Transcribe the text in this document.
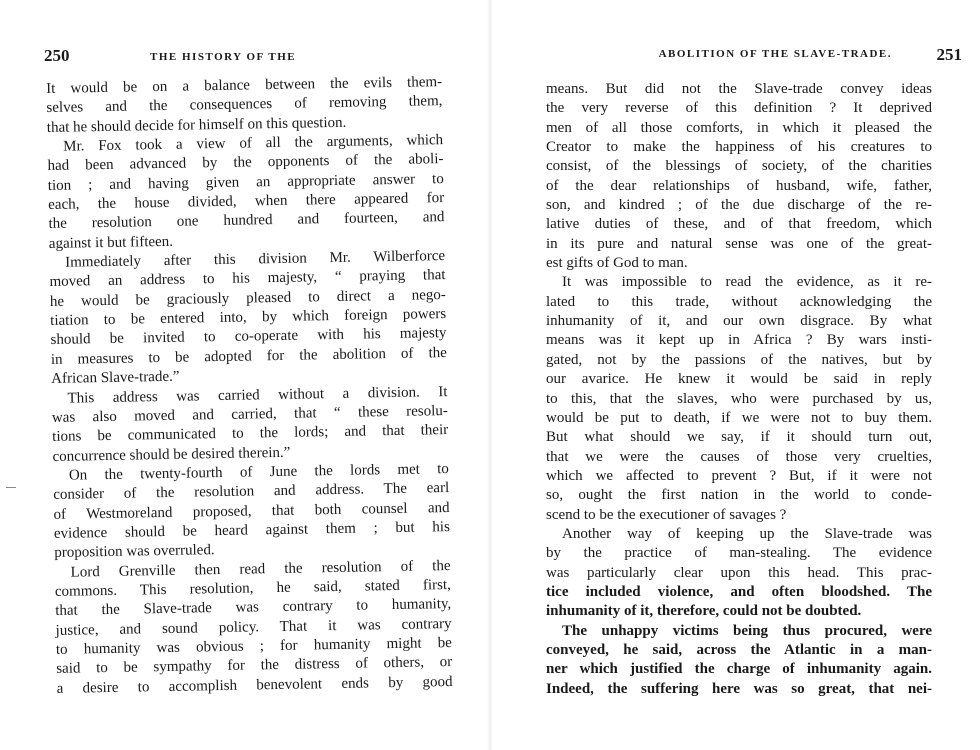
250	THE HISTORY OF THE
It would be on a balance between the evils them-
selves and the consequences of removing them,
that he should decide for himself on this question.
Mr. Fox took a view of all the arguments, which
had been advanced by the opponents of the aboli-
tion ; and having given an appropriate answer to
each, the house divided, when there appeared for
the resolution one hundred and fourteen, and
against it but fifteen.
Immediately after this division Mr. Wilberforce
moved an address to his majesty, “ praying that
he would be graciously pleased to direct a nego-
tiation to be entered into, by which foreign powers
should be invited to co-operate with his majesty
in measures to be adopted for the abolition of the
African Slave-trade.”
This address was carried without a division. It
was also moved and carried, that “ these resolu-
tions be communicated to the lords; and that their
concurrence should be desired therein.”
On the twenty-fourth of June the lords met to
consider of the resolution and address. The earl
of Westmoreland proposed, that both counsel and
evidence should be heard against them ; but his
proposition was overruled.
Lord Grenville then read the resolution of the
commons. This resolution, he said, stated first,
that the Slave-trade was contrary to humanity,
justice, and sound policy. That it was contrary
to humanity was obvious ; for humanity might be
said to be sympathy for the distress of others, or
a desire to accomplish benevolent ends by good
ABOLITION OF THE SLAVE-TRADE.	251
means. But did not the Slave-trade convey ideas
the very reverse of this definition ? It deprived
men of all those comforts, in which it pleased the
Creator to make the happiness of his creatures to
consist, of the blessings of society, of the charities
of the dear relationships of husband, wife, father,
son, and kindred ; of the due discharge of the re-
lative duties of these, and of that freedom, which
in its pure and natural sense was one of the great-
est gifts of God to man.
It was impossible to read the evidence, as it re-
lated to this trade, without acknowledging the
inhumanity of it, and our own disgrace. By what
means was it kept up in Africa ? By wars insti-
gated, not by the passions of the natives, but by
our avarice. He knew it would be said in reply
to this, that the slaves, who were purchased by us,
would be put to death, if we were not to buy them.
But what should we say, if it should turn out,
that we were the causes of those very cruelties,
which we affected to prevent ? But, if it were not
so, ought the first nation in the world to conde-
scend to be the executioner of savages ?
Another way of keeping up the Slave-trade was
by the practice of man-stealing. The evidence
was particularly clear upon this head. This prac-
tice included violence, and often bloodshed. The
inhumanity of it, therefore, could not be doubted.
The unhappy victims being thus procured, were
conveyed, he said, across the Atlantic in a man-
ner which justified the charge of inhumanity again.
Indeed, the suffering here was so great, that nei-
